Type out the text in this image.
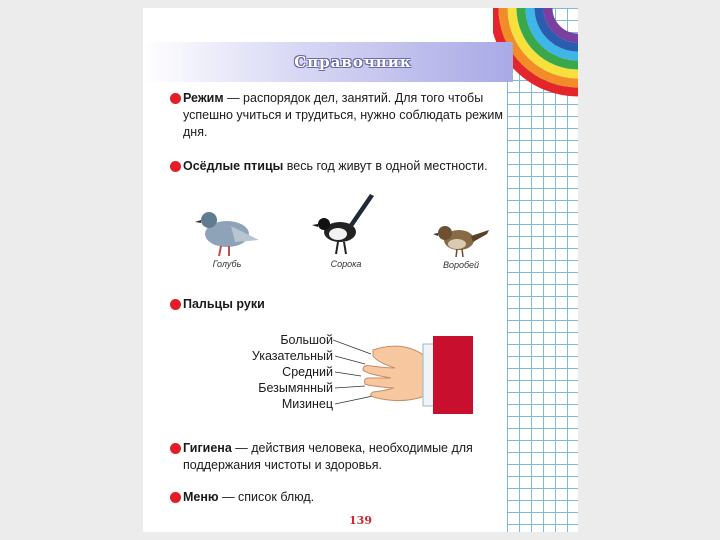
Справочник
Режим — распорядок дел, занятий. Для того чтобы успешно учиться и трудиться, нужно соблюдать режим дня.
Осёдлые птицы весь год живут в одной местности.
Голубь	Сорока	Воробей
Пальцы руки
Большой
Указательный
Средний
Безымянный
Мизинец
Гигиена — действия человека, необходимые для поддержания чистоты и здоровья.
Меню — список блюд.
139
